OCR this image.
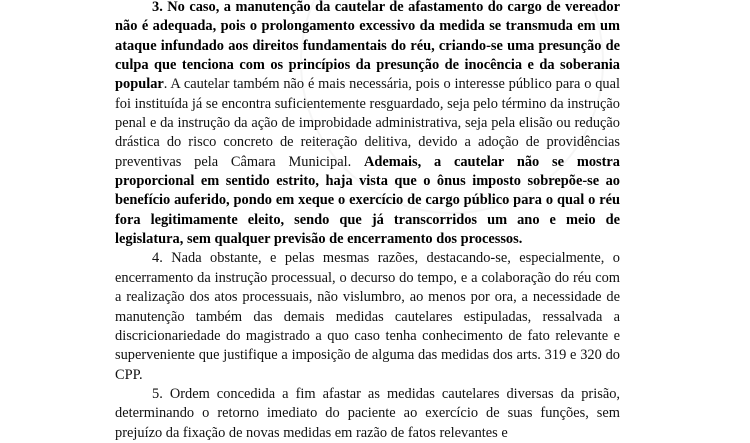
3. No caso, a manutenção da cautelar de afastamento do cargo de vereador não é adequada, pois o prolongamento excessivo da medida se transmuda em um ataque infundado aos direitos fundamentais do réu, criando-se uma presunção de culpa que tenciona com os princípios da presunção de inocência e da soberania popular. A cautelar também não é mais necessária, pois o interesse público para o qual foi instituída já se encontra suficientemente resguardado, seja pelo término da instrução penal e da instrução da ação de improbidade administrativa, seja pela elisão ou redução drástica do risco concreto de reiteração delitiva, devido a adoção de providências preventivas pela Câmara Municipal. Ademais, a cautelar não se mostra proporcional em sentido estrito, haja vista que o ônus imposto sobrepõe-se ao benefício auferido, pondo em xeque o exercício de cargo público para o qual o réu fora legitimamente eleito, sendo que já transcorridos um ano e meio de legislatura, sem qualquer previsão de encerramento dos processos.

4. Nada obstante, e pelas mesmas razões, destacando-se, especialmente, o encerramento da instrução processual, o decurso do tempo, e a colaboração do réu com a realização dos atos processuais, não vislumbro, ao menos por ora, a necessidade de manutenção também das demais medidas cautelares estipuladas, ressalvada a discricionariedade do magistrado a quo caso tenha conhecimento de fato relevante e superveniente que justifique a imposição de alguma das medidas dos arts. 319 e 320 do CPP.

5. Ordem concedida a fim afastar as medidas cautelares diversas da prisão, determinando o retorno imediato do paciente ao exercício de suas funções, sem prejuízo da fixação de novas medidas em razão de fatos relevantes e
